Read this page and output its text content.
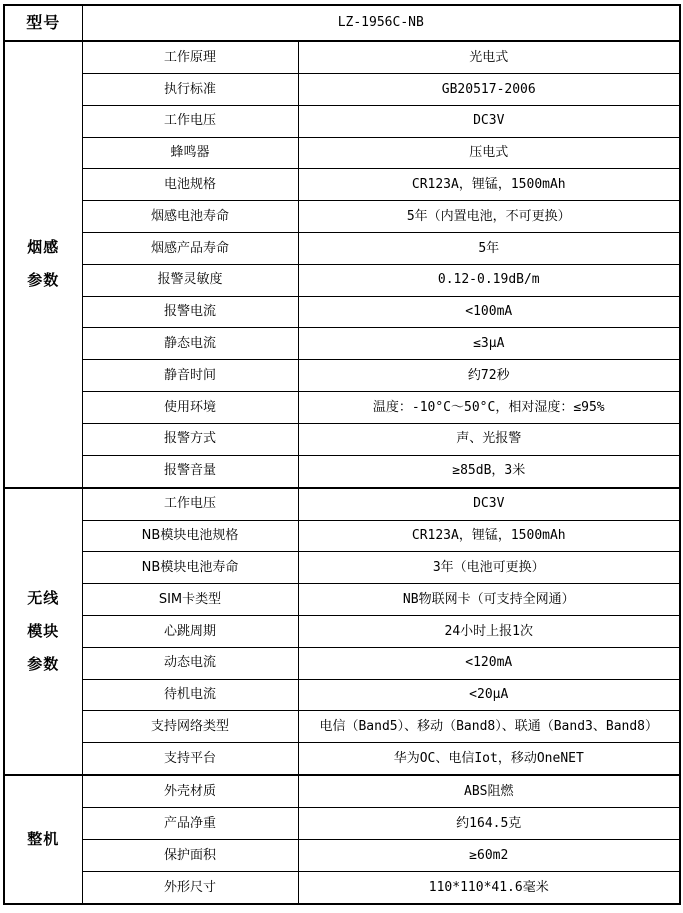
型号	LZ-1956C-NB	

烟感
参数	工作原理	光电式
	执行标准	GB20517-2006
	工作电压	DC3V
	蜂鸣器	压电式
	电池规格	CR123A，锂锰，1500mAh
	烟感电池寿命	5年（内置电池，不可更换）
	烟感产品寿命	5年
	报警灵敏度	0.12-0.19dB/m
	报警电流	<100mA
	静态电流	≤3μA
	静音时间	约72秒
	使用环境	温度：-10°C～50°C，相对湿度：≤95%
	报警方式	声、光报警
	报警音量	≥85dB，3米

无线
模块
参数	工作电压	DC3V
	NB模块电池规格	CR123A，锂锰，1500mAh
	NB模块电池寿命	3年（电池可更换）
	SIM卡类型	NB物联网卡（可支持全网通）
	心跳周期	24小时上报1次
	动态电流	<120mA
	待机电流	<20μA
	支持网络类型	电信（Band5）、移动（Band8）、联通（Band3、Band8）
	支持平台	华为OC、电信Iot，移动OneNET

整机	外壳材质	ABS阻燃
	产品净重	约164.5克
	保护面积	≥60m2
	外形尺寸	110*110*41.6毫米
